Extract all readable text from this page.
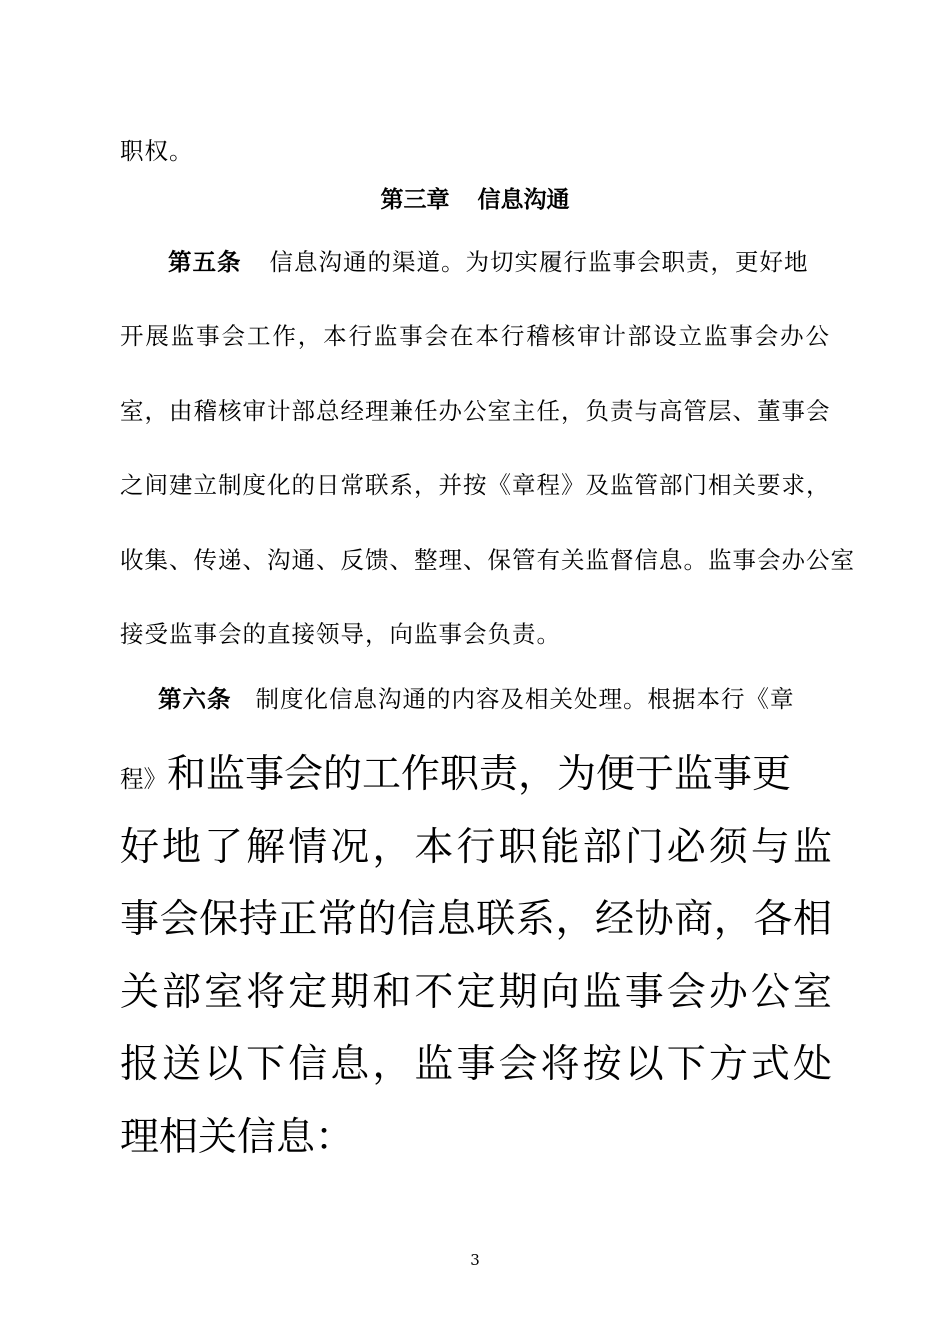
职权。
第三章 信息沟通
第五条 信息沟通的渠道。为切实履行监事会职责，更好地
开展监事会工作，本行监事会在本行稽核审计部设立监事会办公
室，由稽核审计部总经理兼任办公室主任，负责与高管层、董事会
之间建立制度化的日常联系，并按《章程》及监管部门相关要求，
收集、传递、沟通、反馈、整理、保管有关监督信息。监事会办公室
接受监事会的直接领导，向监事会负责。
第六条 制度化信息沟通的内容及相关处理。根据本行《章
程》和监事会的工作职责，为便于监事更
好地了解情况，本行职能部门必须与监
事会保持正常的信息联系，经协商，各相
关部室将定期和不定期向监事会办公室
报送以下信息，监事会将按以下方式处
理相关信息：
3
